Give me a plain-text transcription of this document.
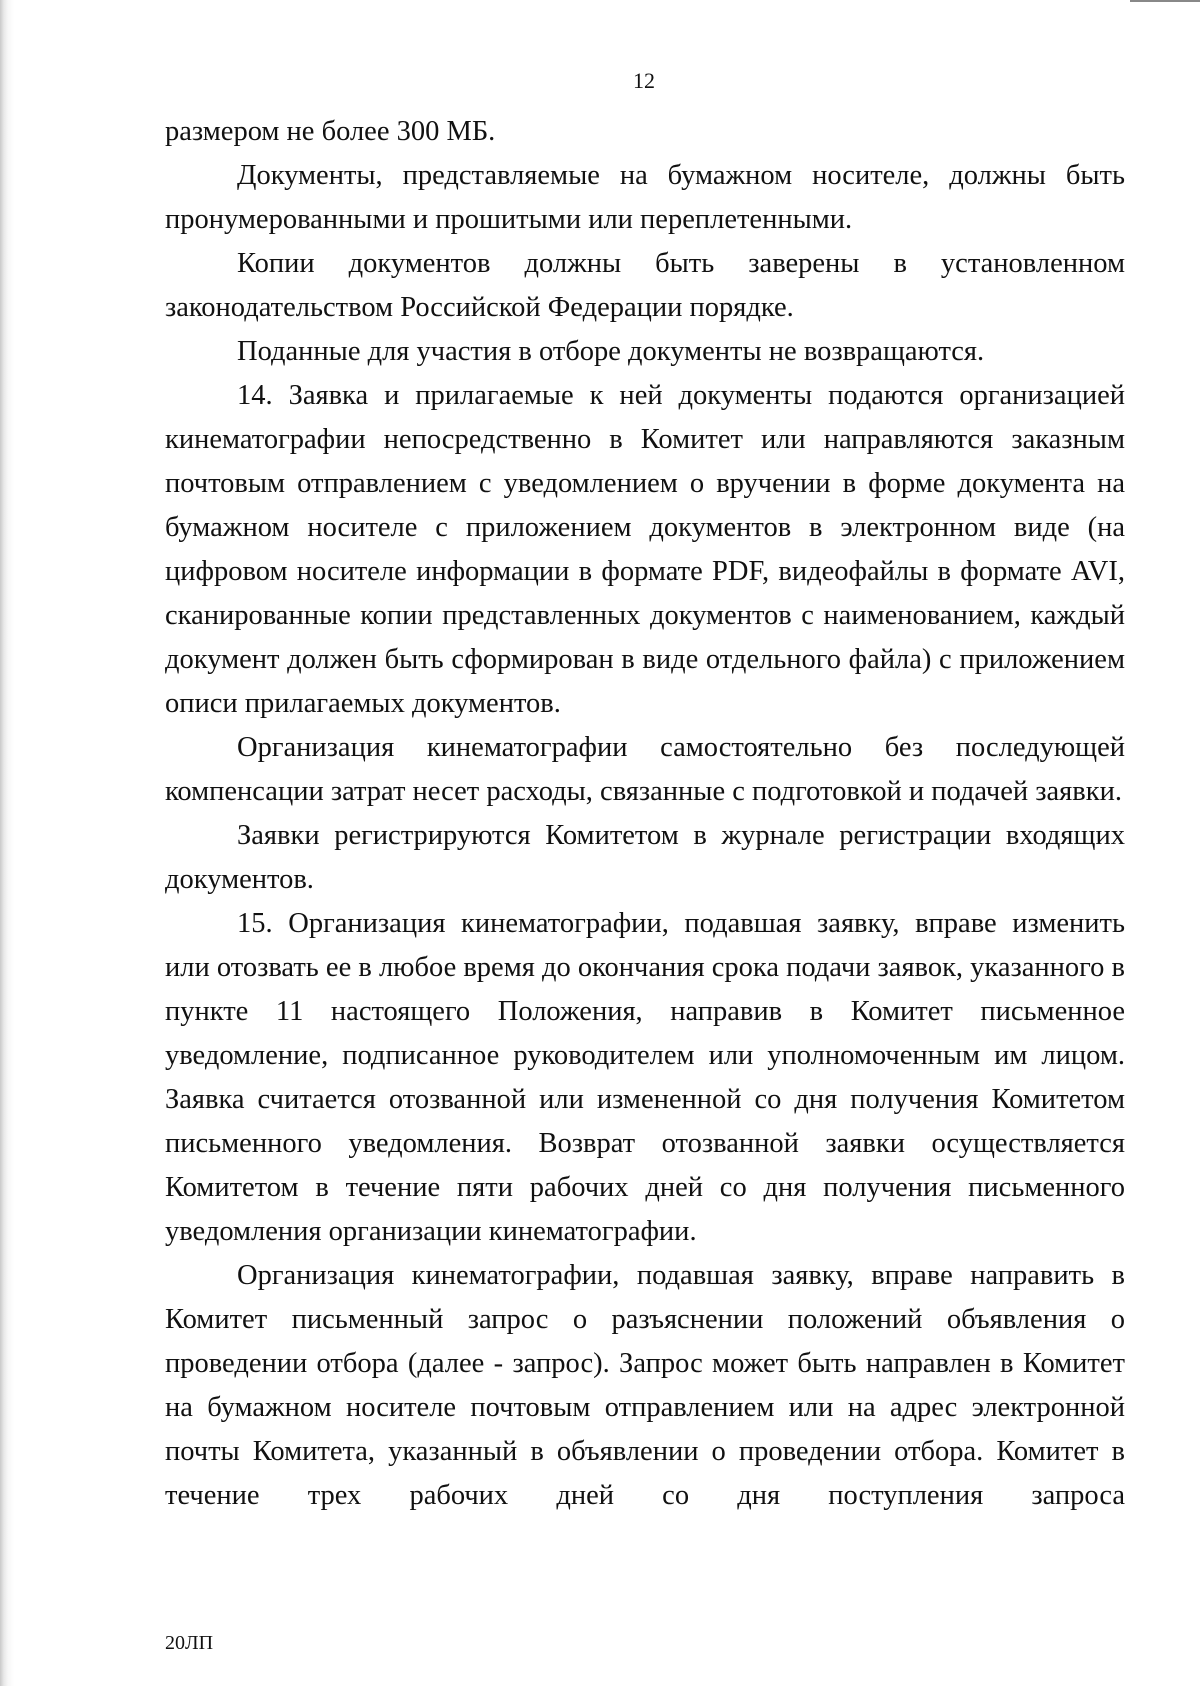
12

размером не более 300 МБ.

Документы, представляемые на бумажном носителе, должны быть пронумерованными и прошитыми или переплетенными.

Копии документов должны быть заверены в установленном законодательством Российской Федерации порядке.

Поданные для участия в отборе документы не возвращаются.

14. Заявка и прилагаемые к ней документы подаются организацией кинематографии непосредственно в Комитет или направляются заказным почтовым отправлением с уведомлением о вручении в форме документа на бумажном носителе с приложением документов в электронном виде (на цифровом носителе информации в формате PDF, видеофайлы в формате AVI, сканированные копии представленных документов с наименованием, каждый документ должен быть сформирован в виде отдельного файла) с приложением описи прилагаемых документов.

Организация кинематографии самостоятельно без последующей компенсации затрат несет расходы, связанные с подготовкой и подачей заявки.

Заявки регистрируются Комитетом в журнале регистрации входящих документов.

15. Организация кинематографии, подавшая заявку, вправе изменить или отозвать ее в любое время до окончания срока подачи заявок, указанного в пункте 11 настоящего Положения, направив в Комитет письменное уведомление, подписанное руководителем или уполномоченным им лицом. Заявка считается отозванной или измененной со дня получения Комитетом письменного уведомления. Возврат отозванной заявки осуществляется Комитетом в течение пяти рабочих дней со дня получения письменного уведомления организации кинематографии.

Организация кинематографии, подавшая заявку, вправе направить в Комитет письменный запрос о разъяснении положений объявления о проведении отбора (далее - запрос). Запрос может быть направлен в Комитет на бумажном носителе почтовым отправлением или на адрес электронной почты Комитета, указанный в объявлении о проведении отбора. Комитет в течение трех рабочих дней со дня поступления запроса

20ЛП
